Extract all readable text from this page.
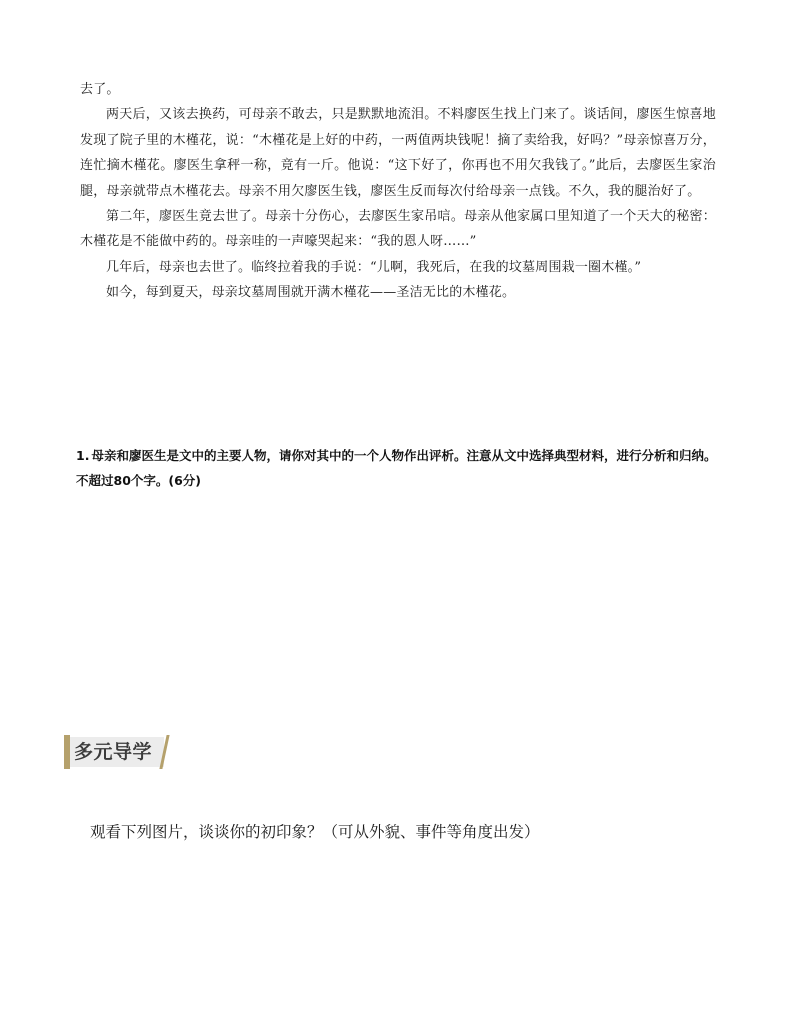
去了。

两天后，又该去换药，可母亲不敢去，只是默默地流泪。不料廖医生找上门来了。谈话间，廖医生惊喜地发现了院子里的木槿花，说：“木槿花是上好的中药，一两值两块钱呢！摘了卖给我，好吗？”母亲惊喜万分，连忙摘木槿花。廖医生拿秤一称，竟有一斤。他说：“这下好了，你再也不用欠我钱了。”此后，去廖医生家治腿，母亲就带点木槿花去。母亲不用欠廖医生钱，廖医生反而每次付给母亲一点钱。不久，我的腿治好了。

第二年，廖医生竟去世了。母亲十分伤心，去廖医生家吊唁。母亲从他家属口里知道了一个天大的秘密：木槿花是不能做中药的。母亲哇的一声嚎哭起来：“我的恩人呀……”

几年后，母亲也去世了。临终拉着我的手说：“儿啊，我死后，在我的坟墓周围栽一圈木槿。”

如今，每到夏天，母亲坟墓周围就开满木槿花——圣洁无比的木槿花。

1. 母亲和廖医生是文中的主要人物，请你对其中的一个人物作出评析。注意从文中选择典型材料，进行分析和归纳。不超过80个字。(6分)
多元导学
观看下列图片，谈谈你的初印象？（可从外貌、事件等角度出发）
